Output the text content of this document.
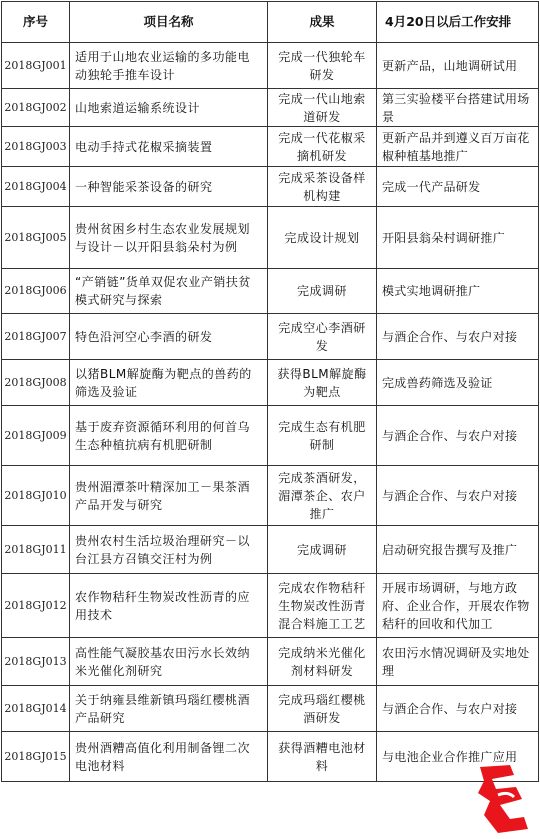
序号	项目名称	成果	4月20日以后工作安排
2018GJ001	适用于山地农业运输的多功能电动独轮手推车设计	完成一代独轮车研发	更新产品，山地调研试用
2018GJ002	山地索道运输系统设计	完成一代山地索道研发	第三实验楼平台搭建试用场景
2018GJ003	电动手持式花椒采摘装置	完成一代花椒采摘机研发	更新产品并到遵义百万亩花椒种植基地推广
2018GJ004	一种智能采茶设备的研究	完成采茶设备样机构建	完成一代产品研发
2018GJ005	贵州贫困乡村生态农业发展规划与设计－以开阳县翁朵村为例	完成设计规划	开阳县翁朵村调研推广
2018GJ006	“产销链”货单双促农业产销扶贫模式研究与探索	完成调研	模式实地调研推广
2018GJ007	特色沿河空心李酒的研发	完成空心李酒研发	与酒企合作、与农户对接
2018GJ008	以猪BLM解旋酶为靶点的兽药的筛选及验证	获得BLM解旋酶为靶点	完成兽药筛选及验证
2018GJ009	基于废弃资源循环利用的何首乌生态种植抗病有机肥研制	完成生态有机肥研制	与酒企合作、与农户对接
2018GJ010	贵州湄潭茶叶精深加工－果茶酒产品开发与研究	完成茶酒研发，湄潭茶企、农户推广	与酒企合作、与农户对接
2018GJ011	贵州农村生活垃圾治理研究－以台江县方召镇交汪村为例	完成调研	启动研究报告撰写及推广
2018GJ012	农作物秸秆生物炭改性沥青的应用技术	完成农作物秸秆生物炭改性沥青混合料施工工艺	开展市场调研，与地方政府、企业合作，开展农作物秸秆的回收和代加工
2018GJ013	高性能气凝胶基农田污水长效纳米光催化剂研究	完成纳米光催化剂材料研发	农田污水情况调研及实地处理
2018GJ014	关于纳雍县维新镇玛瑙红樱桃酒产品研究	完成玛瑙红樱桃酒研发	与酒企合作、与农户对接
2018GJ015	贵州酒糟高值化利用制备锂二次电池材料	获得酒糟电池材料	与电池企业合作推广应用
